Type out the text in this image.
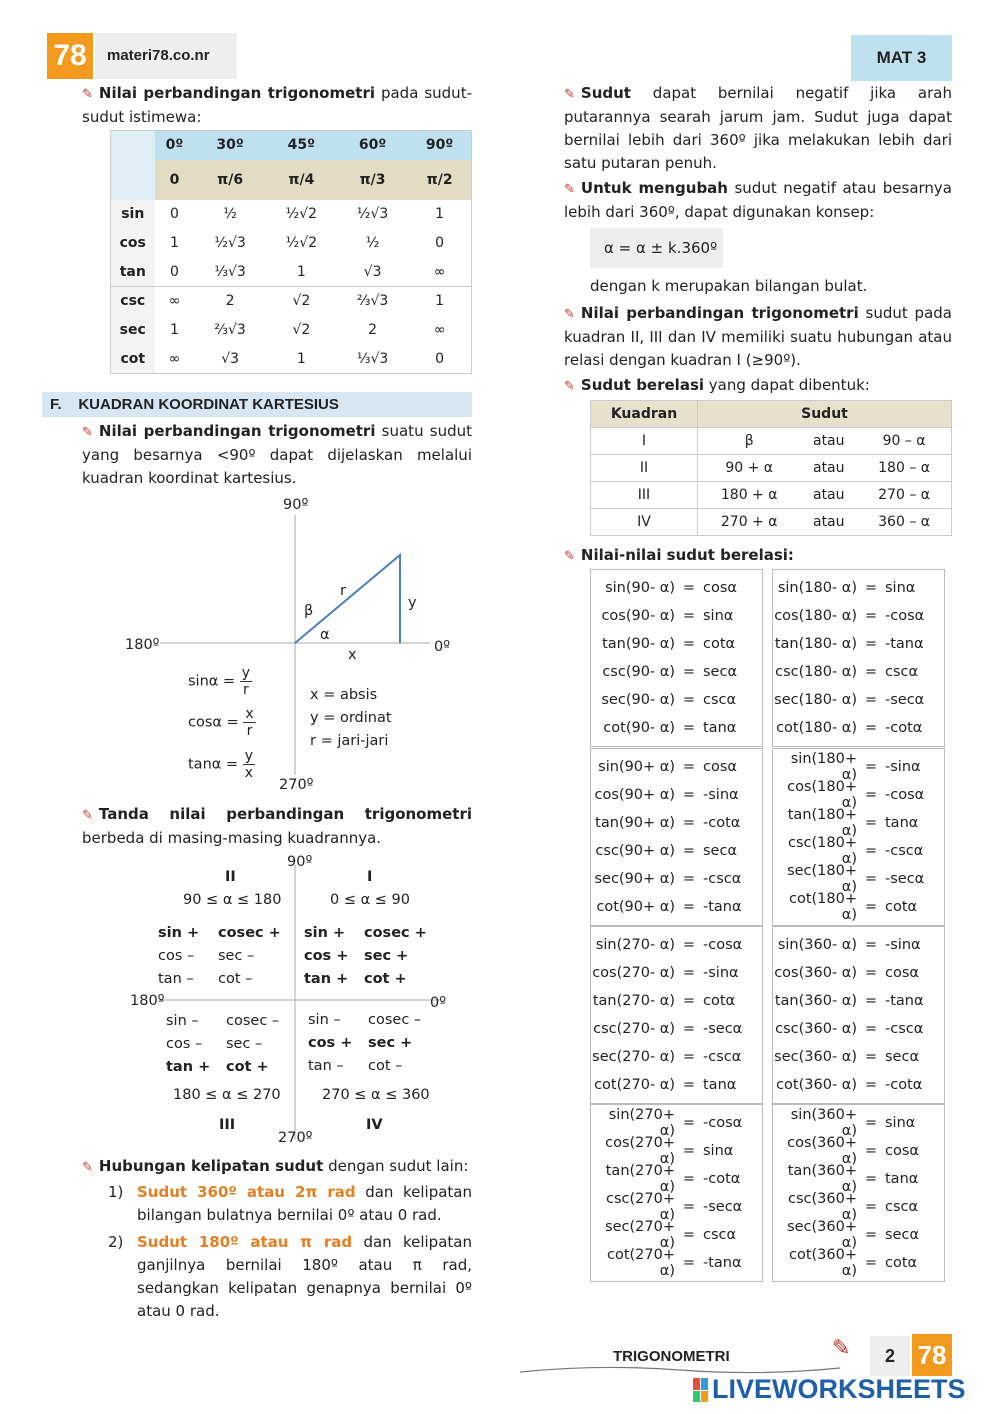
78	materi78.co.nr	MAT 3
✎ Nilai perbandingan trigonometri pada sudut-sudut istimewa:
	0º	30º	45º	60º	90º
	0	π/6	π/4	π/3	π/2
sin	0	½	½√2	½√3	1
cos	1	½√3	½√2	½	0
tan	0	⅓√3	1	√3	∞
csc	∞	2	√2	⅔√3	1
sec	1	⅔√3	√2	2	∞
cot	∞	√3	1	⅓√3	0
F. KUADRAN KOORDINAT KARTESIUS
✎ Nilai perbandingan trigonometri suatu sudut yang besarnya <90º dapat dijelaskan melalui kuadran koordinat kartesius.
90º
180º	0º
270º
r
y
x
β
α
$\sin\alpha = \frac{y}{r}$
$\cos\alpha = \frac{x}{r}$
$\tan\alpha = \frac{y}{x}$
x = absis
y = ordinat
r = jari-jari
✎ Tanda nilai perbandingan trigonometri berbeda di masing-masing kuadrannya.
90º
180º	0º
270º
II
90 ≤ α ≤ 180
sin + cosec +
cos – sec –
tan – cot –
I
0 ≤ α ≤ 90
sin + cosec +
cos + sec +
tan + cot +
III
180 ≤ α ≤ 270
sin – cosec –
cos – sec –
tan + cot +
IV
270 ≤ α ≤ 360
sin – cosec –
cos + sec +
tan – cot –
✎ Hubungan kelipatan sudut dengan sudut lain:
1) Sudut 360º atau 2π rad dan kelipatan bilangan bulatnya bernilai 0º atau 0 rad.
2) Sudut 180º atau π rad dan kelipatan ganjilnya bernilai 180º atau π rad, sedangkan kelipatan genapnya bernilai 0º atau 0 rad.
✎ Sudut dapat bernilai negatif jika arah putarannya searah jarum jam. Sudut juga dapat bernilai lebih dari 360º jika melakukan lebih dari satu putaran penuh.
✎ Untuk mengubah sudut negatif atau besarnya lebih dari 360º, dapat digunakan konsep:
α = α ± k.360º
dengan k merupakan bilangan bulat.
✎ Nilai perbandingan trigonometri sudut pada kuadran II, III dan IV memiliki suatu hubungan atau relasi dengan kuadran I (≥90º).
✎ Sudut berelasi yang dapat dibentuk:
Kuadran	Sudut		
I	β	atau	90 – α
II	90 + α	atau	180 – α
III	180 + α	atau	270 – α
IV	270 + α	atau	360 – α
✎ Nilai-nilai sudut berelasi:
sin(90- α) = cosα
cos(90- α) = sinα
tan(90- α) = cotα
csc(90- α) = secα
sec(90- α) = cscα
cot(90- α) = tanα
sin(180- α) = sinα
cos(180- α) = -cosα
tan(180- α) = -tanα
csc(180- α) = cscα
sec(180- α) = -secα
cot(180- α) = -cotα
sin(90+ α) = cosα
cos(90+ α) = -sinα
tan(90+ α) = -cotα
csc(90+ α) = secα
sec(90+ α) = -cscα
cot(90+ α) = -tanα
sin(180+ α) = -sinα
cos(180+ α) = -cosα
tan(180+ α) = tanα
csc(180+ α) = -cscα
sec(180+ α) = -secα
cot(180+ α) = cotα
sin(270- α) = -cosα
cos(270- α) = -sinα
tan(270- α) = cotα
csc(270- α) = -secα
sec(270- α) = -cscα
cot(270- α) = tanα
sin(360- α) = -sinα
cos(360- α) = cosα
tan(360- α) = -tanα
csc(360- α) = -cscα
sec(360- α) = secα
cot(360- α) = -cotα
sin(270+ α) = -cosα
cos(270+ α) = sinα
tan(270+ α) = -cotα
csc(270+ α) = -secα
sec(270+ α) = cscα
cot(270+ α) = -tanα
sin(360+ α) = sinα
cos(360+ α) = cosα
tan(360+ α) = tanα
csc(360+ α) = cscα
sec(360+ α) = secα
cot(360+ α) = cotα
TRIGONOMETRI	✎	2 78
LIVEWORKSHEETS
